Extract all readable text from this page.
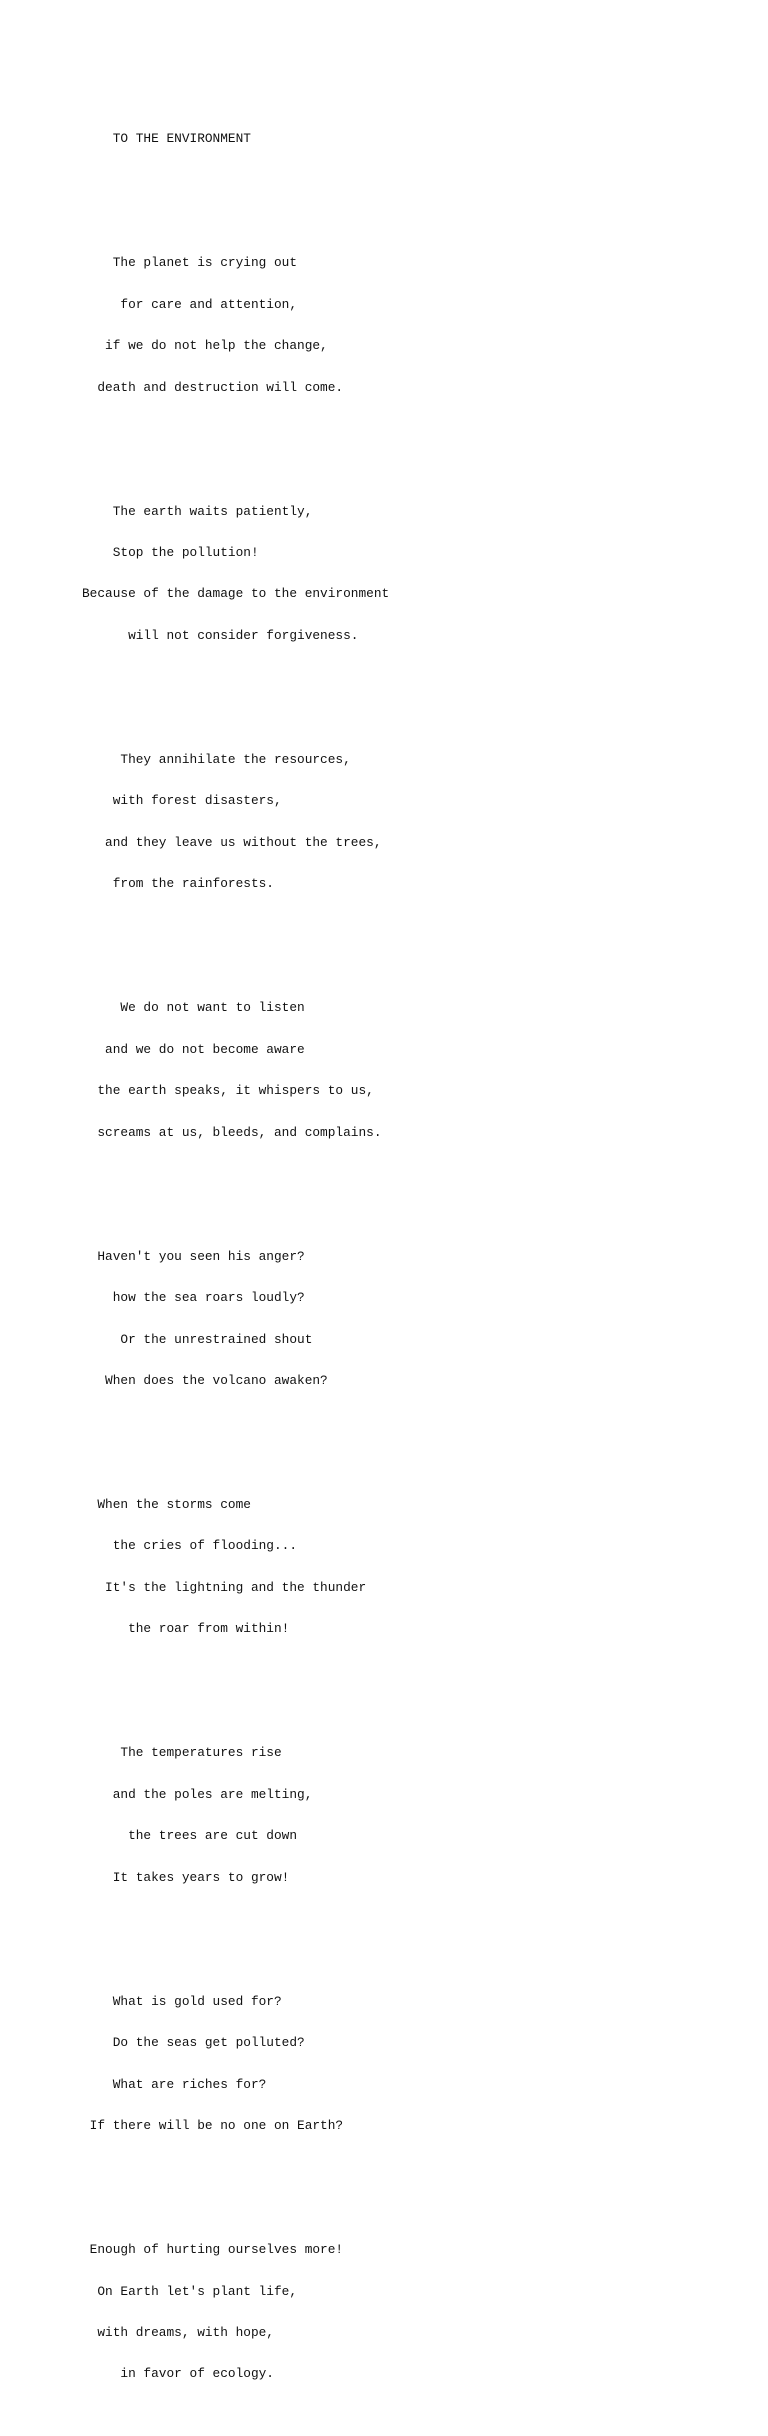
TO THE ENVIRONMENT

The planet is crying out

for care and attention,

if we do not help the change,

death and destruction will come.

The earth waits patiently,

Stop the pollution!

Because of the damage to the environment

will not consider forgiveness.

They annihilate the resources,

with forest disasters,

and they leave us without the trees,

from the rainforests.

We do not want to listen

and we do not become aware

the earth speaks, it whispers to us,

screams at us, bleeds, and complains.

Haven't you seen his anger?

how the sea roars loudly?

Or the unrestrained shout

When does the volcano awaken?

When the storms come

the cries of flooding...

It's the lightning and the thunder

the roar from within!

The temperatures rise

and the poles are melting,

the trees are cut down

It takes years to grow!

What is gold used for?

Do the seas get polluted?

What are riches for?

If there will be no one on Earth?

Enough of hurting ourselves more!

On Earth let's plant life,

with dreams, with hope,

in favor of ecology.
